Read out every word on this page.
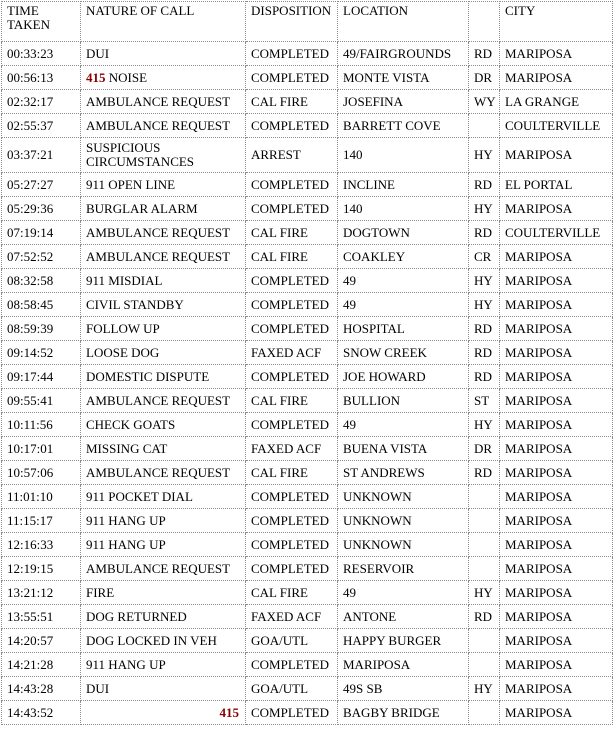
TIME TAKEN	NATURE OF CALL	DISPOSITION	LOCATION		CITY
00:33:23	DUI	COMPLETED	49/FAIRGROUNDS	RD	MARIPOSA
00:56:13	415 NOISE	COMPLETED	MONTE VISTA	DR	MARIPOSA
02:32:17	AMBULANCE REQUEST	CAL FIRE	JOSEFINA	WY	LA GRANGE
02:55:37	AMBULANCE REQUEST	COMPLETED	BARRETT COVE		COULTERVILLE
03:37:21	SUSPICIOUS CIRCUMSTANCES	ARREST	140	HY	MARIPOSA
05:27:27	911 OPEN LINE	COMPLETED	INCLINE	RD	EL PORTAL
05:29:36	BURGLAR ALARM	COMPLETED	140	HY	MARIPOSA
07:19:14	AMBULANCE REQUEST	CAL FIRE	DOGTOWN	RD	COULTERVILLE
07:52:52	AMBULANCE REQUEST	CAL FIRE	COAKLEY	CR	MARIPOSA
08:32:58	911 MISDIAL	COMPLETED	49	HY	MARIPOSA
08:58:45	CIVIL STANDBY	COMPLETED	49	HY	MARIPOSA
08:59:39	FOLLOW UP	COMPLETED	HOSPITAL	RD	MARIPOSA
09:14:52	LOOSE DOG	FAXED ACF	SNOW CREEK	RD	MARIPOSA
09:17:44	DOMESTIC DISPUTE	COMPLETED	JOE HOWARD	RD	MARIPOSA
09:55:41	AMBULANCE REQUEST	CAL FIRE	BULLION	ST	MARIPOSA
10:11:56	CHECK GOATS	COMPLETED	49	HY	MARIPOSA
10:17:01	MISSING CAT	FAXED ACF	BUENA VISTA	DR	MARIPOSA
10:57:06	AMBULANCE REQUEST	CAL FIRE	ST ANDREWS	RD	MARIPOSA
11:01:10	911 POCKET DIAL	COMPLETED	UNKNOWN		MARIPOSA
11:15:17	911 HANG UP	COMPLETED	UNKNOWN		MARIPOSA
12:16:33	911 HANG UP	COMPLETED	UNKNOWN		MARIPOSA
12:19:15	AMBULANCE REQUEST	COMPLETED	RESERVOIR		MARIPOSA
13:21:12	FIRE	CAL FIRE	49	HY	MARIPOSA
13:55:51	DOG RETURNED	FAXED ACF	ANTONE	RD	MARIPOSA
14:20:57	DOG LOCKED IN VEH	GOA/UTL	HAPPY BURGER		MARIPOSA
14:21:28	911 HANG UP	COMPLETED	MARIPOSA		MARIPOSA
14:43:28	DUI	GOA/UTL	49S SB	HY	MARIPOSA
14:43:52	415	COMPLETED	BAGBY BRIDGE		MARIPOSA
